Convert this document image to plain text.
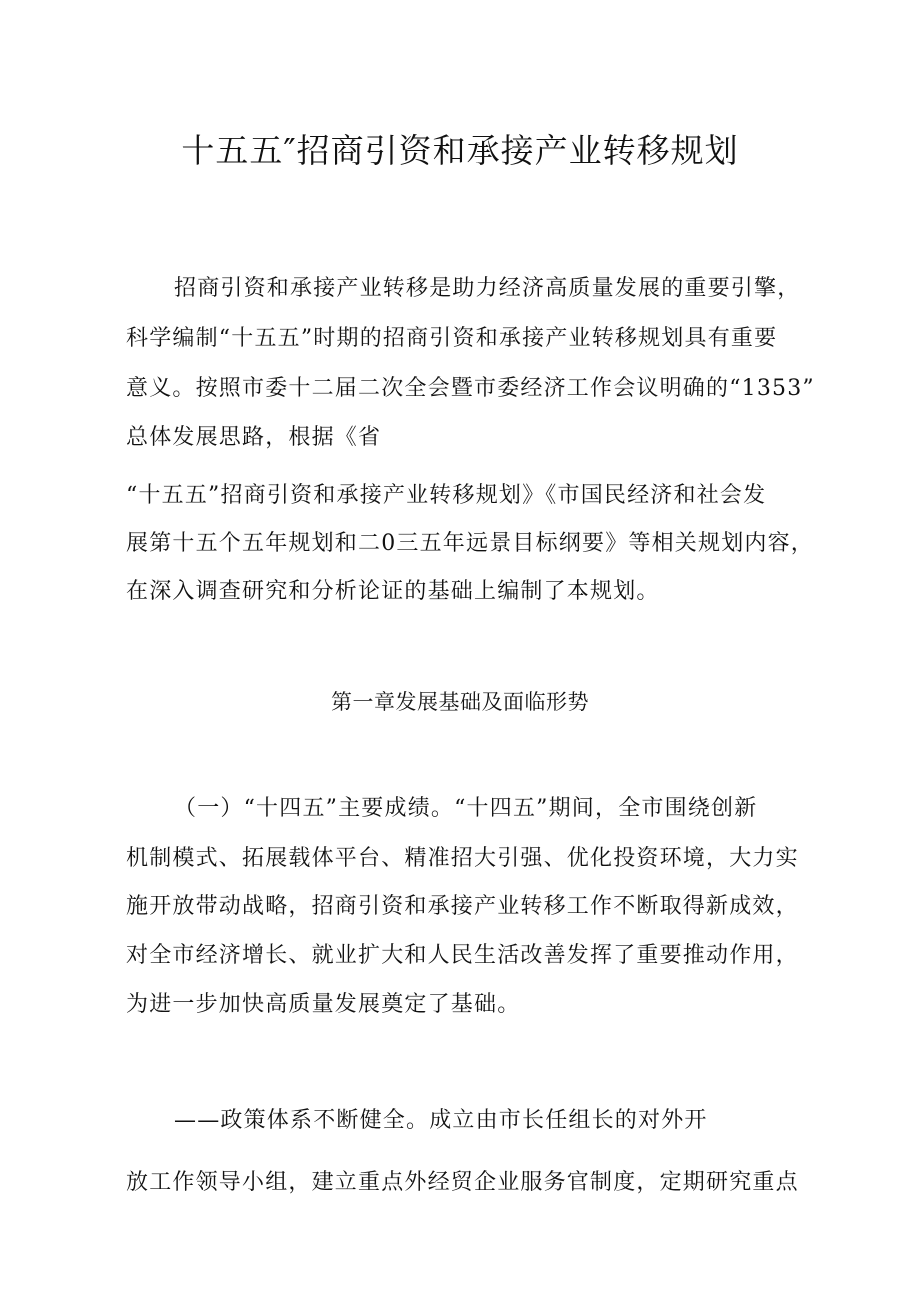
十五五″招商引资和承接产业转移规划
招商引资和承接产业转移是助力经济高质量发展的重要引擎，
科学编制“十五五”时期的招商引资和承接产业转移规划具有重要
意义。按照市委十二届二次全会暨市委经济工作会议明确的“1353”
总体发展思路，根据《省
“十五五”招商引资和承接产业转移规划》《市国民经济和社会发
展第十五个五年规划和二0三五年远景目标纲要》等相关规划内容，
在深入调查研究和分析论证的基础上编制了本规划。
第一章发展基础及面临形势
（一）“十四五”主要成绩。“十四五”期间，全市围绕创新
机制模式、拓展载体平台、精准招大引强、优化投资环境，大力实
施开放带动战略，招商引资和承接产业转移工作不断取得新成效，
对全市经济增长、就业扩大和人民生活改善发挥了重要推动作用，
为进一步加快高质量发展奠定了基础。
——政策体系不断健全。成立由市长任组长的对外开
放工作领导小组，建立重点外经贸企业服务官制度，定期研究重点
